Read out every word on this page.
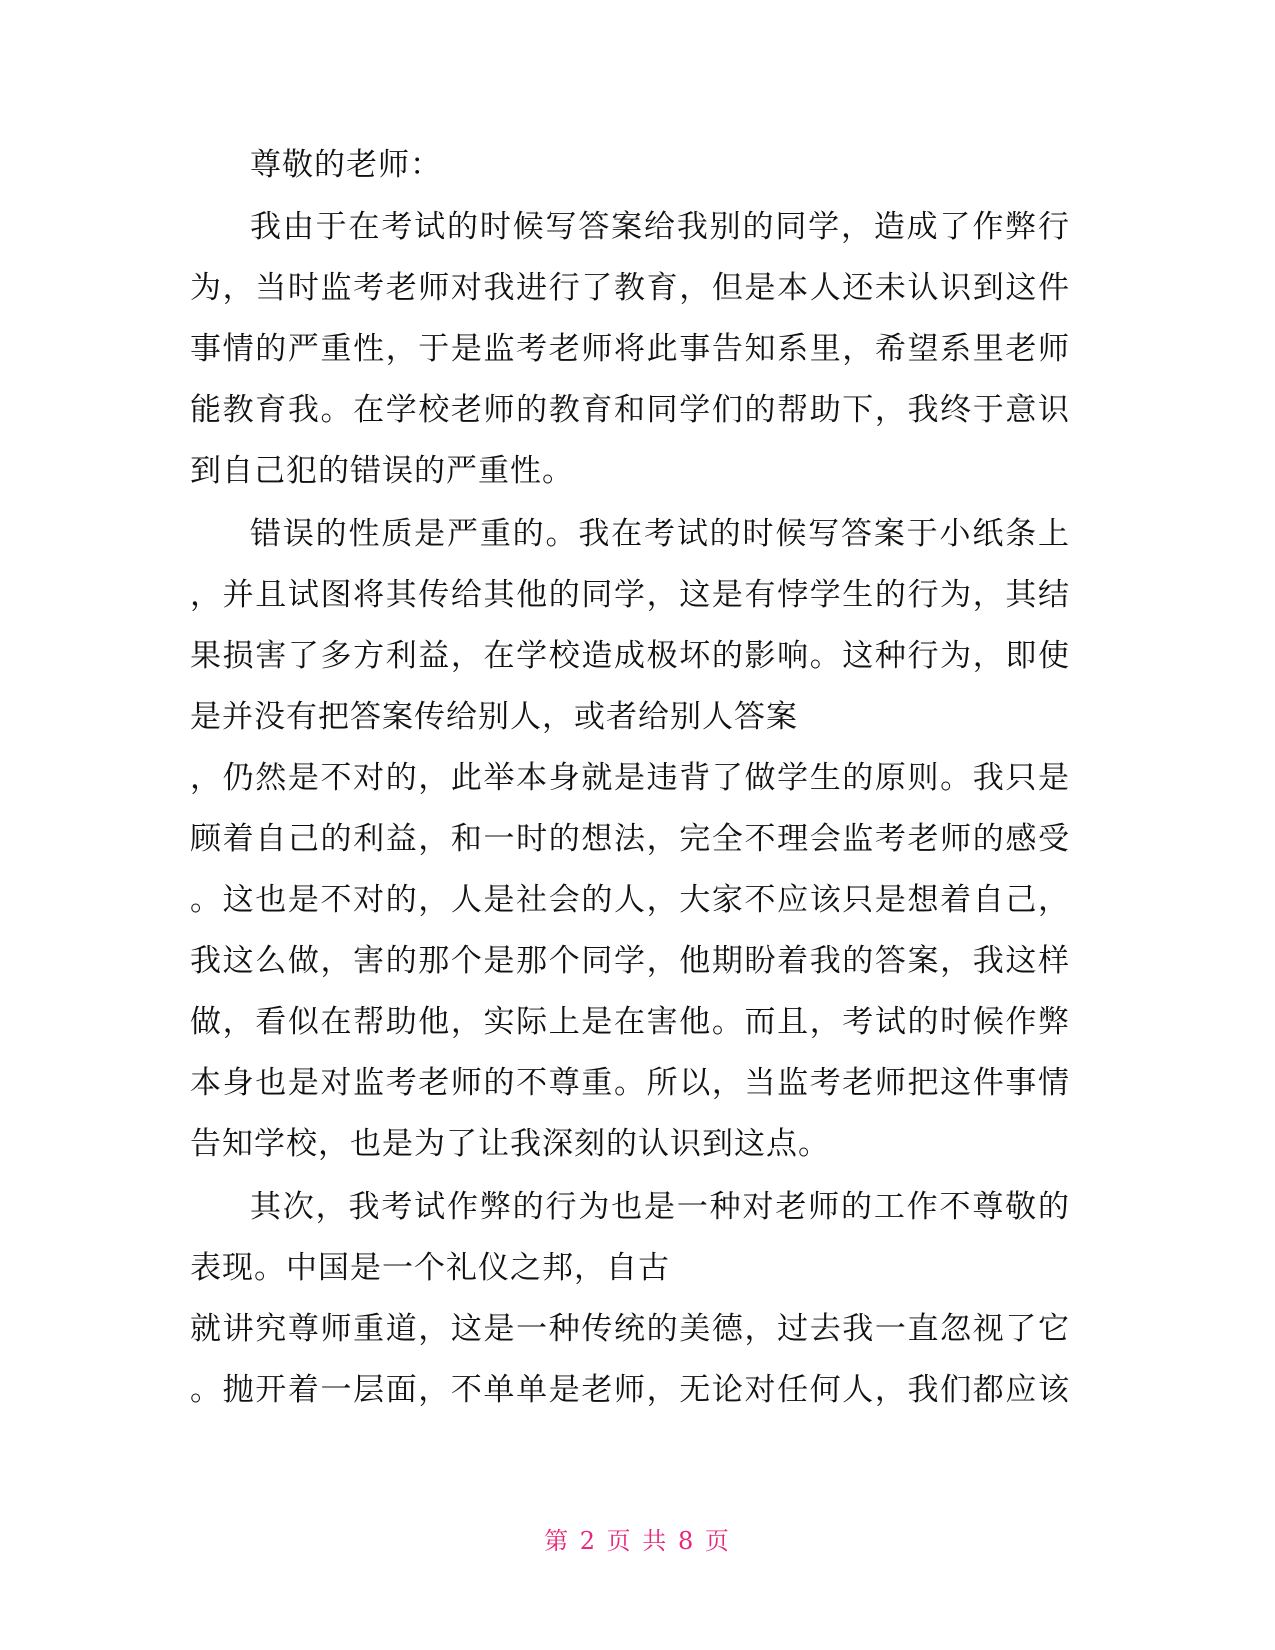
尊敬的老师：
我由于在考试的时候写答案给我别的同学，造成了作弊行
为，当时监考老师对我进行了教育，但是本人还未认识到这件
事情的严重性，于是监考老师将此事告知系里，希望系里老师
能教育我。在学校老师的教育和同学们的帮助下，我终于意识
到自己犯的错误的严重性。
错误的性质是严重的。我在考试的时候写答案于小纸条上
，并且试图将其传给其他的同学，这是有悖学生的行为，其结
果损害了多方利益，在学校造成极坏的影响。这种行为，即使
是并没有把答案传给别人，或者给别人答案
，仍然是不对的，此举本身就是违背了做学生的原则。我只是
顾着自己的利益，和一时的想法，完全不理会监考老师的感受
。这也是不对的，人是社会的人，大家不应该只是想着自己，
我这么做，害的那个是那个同学，他期盼着我的答案，我这样
做，看似在帮助他，实际上是在害他。而且，考试的时候作弊
本身也是对监考老师的不尊重。所以，当监考老师把这件事情
告知学校，也是为了让我深刻的认识到这点。
其次，我考试作弊的行为也是一种对老师的工作不尊敬的
表现。中国是一个礼仪之邦，自古
就讲究尊师重道，这是一种传统的美德，过去我一直忽视了它
。抛开着一层面，不单单是老师，无论对任何人，我们都应该
第 2 页 共 8 页
